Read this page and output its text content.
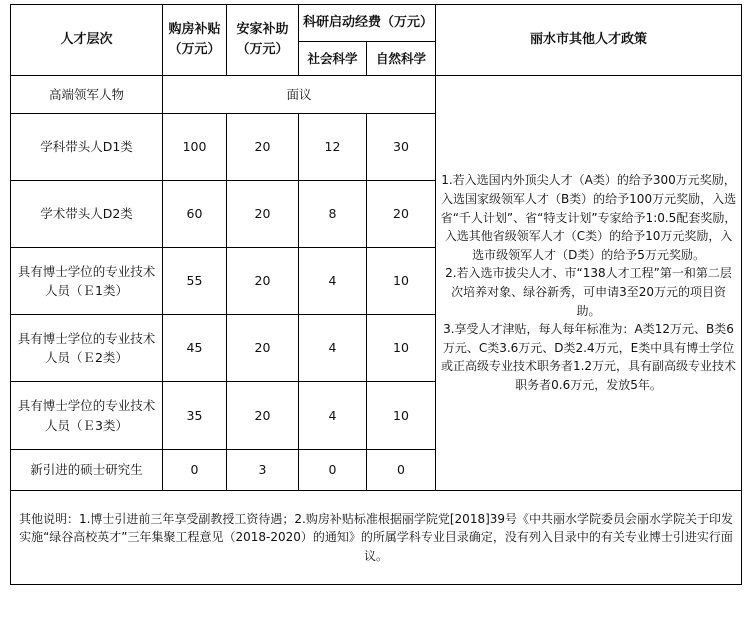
人才层次	购房补贴（万元）	安家补助（万元）	科研启动经费（万元）		丽水市其他人才政策
			社会科学	自然科学	
高端领军人物	面议				1.若入选国内外顶尖人才（A类）的给予300万元奖励，入选国家级领军人才（B类）的给予100万元奖励，入选省“千人计划”、省“特支计划”专家给予1:0.5配套奖励，入选其他省级领军人才（C类）的给予10万元奖励，入选市级领军人才（D类）的给予5万元奖励。

2.若入选市拔尖人才、市“138人才工程”第一和第二层次培养对象、绿谷新秀，可申请3至20万元的项目资助。

3.享受人才津贴，每人每年标准为：A类12万元、B类6万元、C类3.6万元、D类2.4万元，E类中具有博士学位或正高级专业技术职务者1.2万元，具有副高级专业技术职务者0.6万元，发放5年。

学科带头人D1类	100	20	12	30	
学术带头人D2类	60	20	8	20	
具有博士学位的专业技术人员（Ｅ1类）	55	20	4	10	
具有博士学位的专业技术人员（Ｅ2类）	45	20	4	10	
具有博士学位的专业技术人员（Ｅ3类）	35	20	4	10	
新引进的硕士研究生	0	3	0	0	
其他说明：1.博士引进前三年享受副教授工资待遇；2.购房补贴标准根据丽学院党[2018]39号《中共丽水学院委员会丽水学院关于印发实施“绿谷高校英才”三年集聚工程意见（2018-2020）的通知》的所属学科专业目录确定，没有列入目录中的有关专业博士引进实行面议。					
